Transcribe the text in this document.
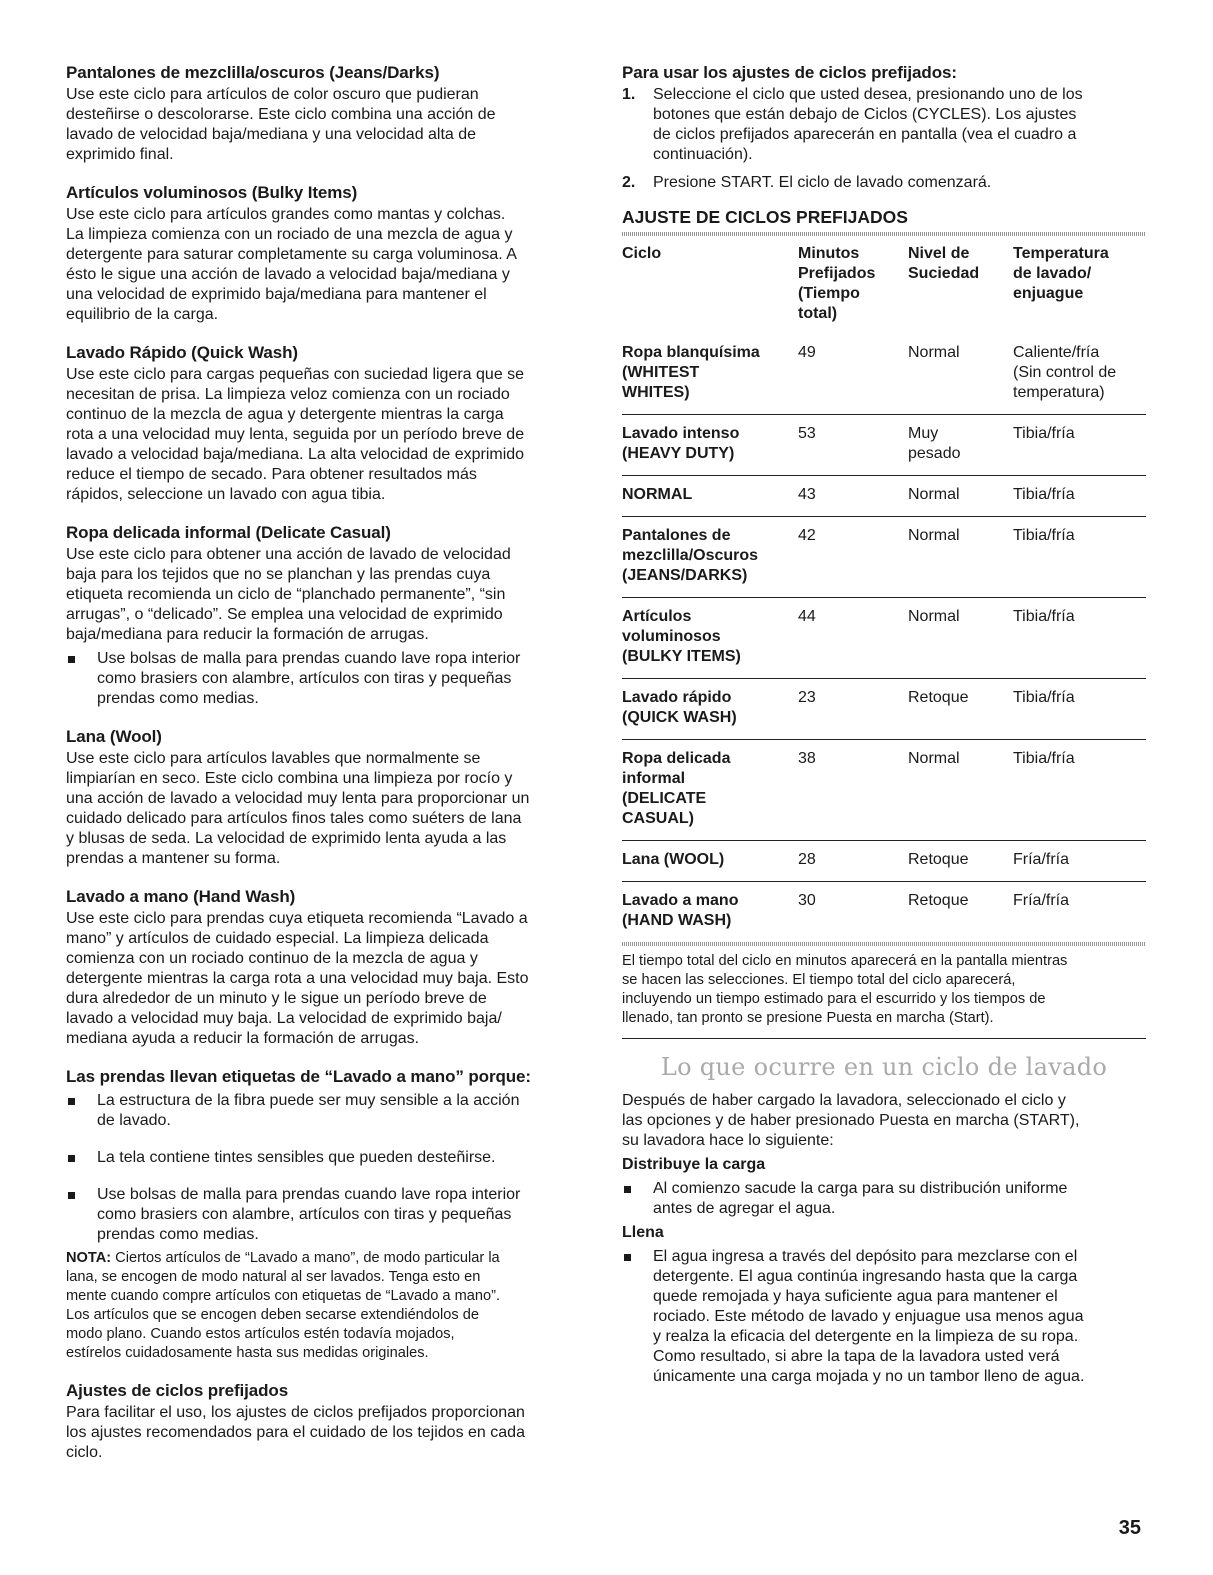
Pantalones de mezclilla/oscuros (Jeans/Darks)

Use este ciclo para artículos de color oscuro que pudieran
desteñirse o descolorarse. Este ciclo combina una acción de
lavado de velocidad baja/mediana y una velocidad alta de
exprimido final.

Artículos voluminosos (Bulky Items)

Use este ciclo para artículos grandes como mantas y colchas.
La limpieza comienza con un rociado de una mezcla de agua y
detergente para saturar completamente su carga voluminosa. A
ésto le sigue una acción de lavado a velocidad baja/mediana y
una velocidad de exprimido baja/mediana para mantener el
equilibrio de la carga.

Lavado Rápido (Quick Wash)

Use este ciclo para cargas pequeñas con suciedad ligera que se
necesitan de prisa. La limpieza veloz comienza con un rociado
continuo de la mezcla de agua y detergente mientras la carga
rota a una velocidad muy lenta, seguida por un período breve de
lavado a velocidad baja/mediana. La alta velocidad de exprimido
reduce el tiempo de secado. Para obtener resultados más
rápidos, seleccione un lavado con agua tibia.

Ropa delicada informal (Delicate Casual)

Use este ciclo para obtener una acción de lavado de velocidad
baja para los tejidos que no se planchan y las prendas cuya
etiqueta recomienda un ciclo de “planchado permanente”, “sin
arrugas”, o “delicado”. Se emplea una velocidad de exprimido
baja/mediana para reducir la formación de arrugas.

Use bolsas de malla para prendas cuando lave ropa interior
como brasiers con alambre, artículos con tiras y pequeñas
prendas como medias.
Lana (Wool)

Use este ciclo para artículos lavables que normalmente se
limpiarían en seco. Este ciclo combina una limpieza por rocío y
una acción de lavado a velocidad muy lenta para proporcionar un
cuidado delicado para artículos finos tales como suéters de lana
y blusas de seda. La velocidad de exprimido lenta ayuda a las
prendas a mantener su forma.

Lavado a mano (Hand Wash)

Use este ciclo para prendas cuya etiqueta recomienda “Lavado a
mano” y artículos de cuidado especial. La limpieza delicada
comienza con un rociado continuo de la mezcla de agua y
detergente mientras la carga rota a una velocidad muy baja. Esto
dura alrededor de un minuto y le sigue un período breve de
lavado a velocidad muy baja. La velocidad de exprimido baja/
mediana ayuda a reducir la formación de arrugas.

Las prendas llevan etiquetas de “Lavado a mano” porque:
La estructura de la fibra puede ser muy sensible a la acción
de lavado.
La tela contiene tintes sensibles que pueden desteñirse.
Use bolsas de malla para prendas cuando lave ropa interior
como brasiers con alambre, artículos con tiras y pequeñas
prendas como medias.
NOTA: Ciertos artículos de “Lavado a mano”, de modo particular la
lana, se encogen de modo natural al ser lavados. Tenga esto en
mente cuando compre artículos con etiquetas de “Lavado a mano”.
Los artículos que se encogen deben secarse extendiéndolos de
modo plano. Cuando estos artículos estén todavía mojados,
estírelos cuidadosamente hasta sus medidas originales.
Ajustes de ciclos prefijados

Para facilitar el uso, los ajustes de ciclos prefijados proporcionan
los ajustes recomendados para el cuidado de los tejidos en cada
ciclo.

Para usar los ajustes de ciclos prefijados:
1.	Seleccione el ciclo que usted desea, presionando uno de los
botones que están debajo de Ciclos (CYCLES). Los ajustes
de ciclos prefijados aparecerán en pantalla (vea el cuadro a
continuación).
2.	Presione START. El ciclo de lavado comenzará.
AJUSTE DE CICLOS PREFIJADOS
Ciclo	Minutos
Prefijados
(Tiempo
total)	Nivel de
Suciedad	Temperatura
de lavado/
enjuague
Ropa blanquísima
(WHITEST
WHITES)	49	Normal	Caliente/fría
(Sin control de
temperatura)
Lavado intenso
(HEAVY DUTY)	53	Muy
pesado	Tibia/fría
NORMAL	43	Normal	Tibia/fría
Pantalones de
mezclilla/Oscuros
(JEANS/DARKS)	42	Normal	Tibia/fría
Artículos
voluminosos
(BULKY ITEMS)	44	Normal	Tibia/fría
Lavado rápido
(QUICK WASH)	23	Retoque	Tibia/fría
Ropa delicada
informal
(DELICATE
CASUAL)	38	Normal	Tibia/fría
Lana (WOOL)	28	Retoque	Fría/fría
Lavado a mano
(HAND WASH)	30	Retoque	Fría/fría
El tiempo total del ciclo en minutos aparecerá en la pantalla mientras
se hacen las selecciones. El tiempo total del ciclo aparecerá,
incluyendo un tiempo estimado para el escurrido y los tiempos de
llenado, tan pronto se presione Puesta en marcha (Start).
Lo que ocurre en un ciclo de lavado

Después de haber cargado la lavadora, seleccionado el ciclo y
las opciones y de haber presionado Puesta en marcha (START),
su lavadora hace lo siguiente:

Distribuye la carga
Al comienzo sacude la carga para su distribución uniforme
antes de agregar el agua.
Llena
El agua ingresa a través del depósito para mezclarse con el
detergente. El agua continúa ingresando hasta que la carga
quede remojada y haya suficiente agua para mantener el
rociado. Este método de lavado y enjuague usa menos agua
y realza la eficacia del detergente en la limpieza de su ropa.
Como resultado, si abre la tapa de la lavadora usted verá
únicamente una carga mojada y no un tambor lleno de agua.
35
